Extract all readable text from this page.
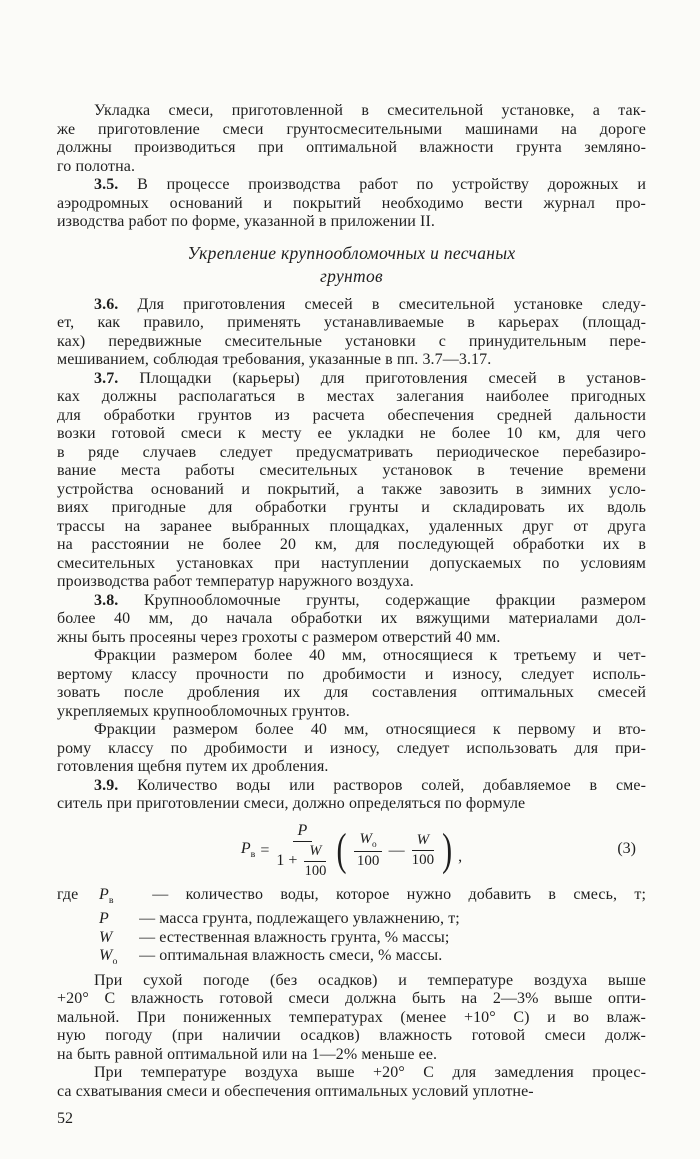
Укладка смеси, приготовленной в смесительной установке, а так-
же приготовление смеси грунтосмесительными машинами на дороге
должны производиться при оптимальной влажности грунта земляно-
го полотна.
3.5. В процессе производства работ по устройству дорожных и
аэродромных оснований и покрытий необходимо вести журнал про-
изводства работ по форме, указанной в приложении II.
Укрепление крупнообломочных и песчаных
грунтов
3.6. Для приготовления смесей в смесительной установке следу-
ет, как правило, применять устанавливаемые в карьерах (площад-
ках) передвижные смесительные установки с принудительным пере-
мешиванием, соблюдая требования, указанные в пп. 3.7—3.17.
3.7. Площадки (карьеры) для приготовления смесей в установ-
ках должны располагаться в местах залегания наиболее пригодных
для обработки грунтов из расчета обеспечения средней дальности
возки готовой смеси к месту ее укладки не более 10 км, для чего
в ряде случаев следует предусматривать периодическое перебазиро-
вание места работы смесительных установок в течение времени
устройства оснований и покрытий, а также завозить в зимних усло-
виях пригодные для обработки грунты и складировать их вдоль
трассы на заранее выбранных площадках, удаленных друг от друга
на расстоянии не более 20 км, для последующей обработки их в
смесительных установках при наступлении допускаемых по условиям
производства работ температур наружного воздуха.
3.8. Крупнообломочные грунты, содержащие фракции размером
более 40 мм, до начала обработки их вяжущими материалами дол-
жны быть просеяны через грохоты с размером отверстий 40 мм.
Фракции размером более 40 мм, относящиеся к третьему и чет-
вертому классу прочности по дробимости и износу, следует исполь-
зовать после дробления их для составления оптимальных смесей
укрепляемых крупнообломочных грунтов.
Фракции размером более 40 мм, относящиеся к первому и вто-
рому классу по дробимости и износу, следует использовать для при-
готовления щебня путем их дробления.
3.9. Количество воды или растворов солей, добавляемое в сме-
ситель при приготовлении смеси, должно определяться по формуле
$P_в = \frac{P}{1 + \frac{W}{100}}$ ( $\frac{W_о}{100}$ — $\frac{W}{100}$ ) ,	(3)
где $P_в$ — количество воды, которое нужно добавить в смесь, т;
P — масса грунта, подлежащего увлажнению, т;
W — естественная влажность грунта, % массы;
$W_о$ — оптимальная влажность смеси, % массы.
При сухой погоде (без осадков) и температуре воздуха выше
+20° С влажность готовой смеси должна быть на 2—3% выше опти-
мальной. При пониженных температурах (менее +10° С) и во влаж-
ную погоду (при наличии осадков) влажность готовой смеси долж-
на быть равной оптимальной или на 1—2% меньше ее.
При температуре воздуха выше +20° С для замедления процес-
са схватывания смеси и обеспечения оптимальных условий уплотне-
52
